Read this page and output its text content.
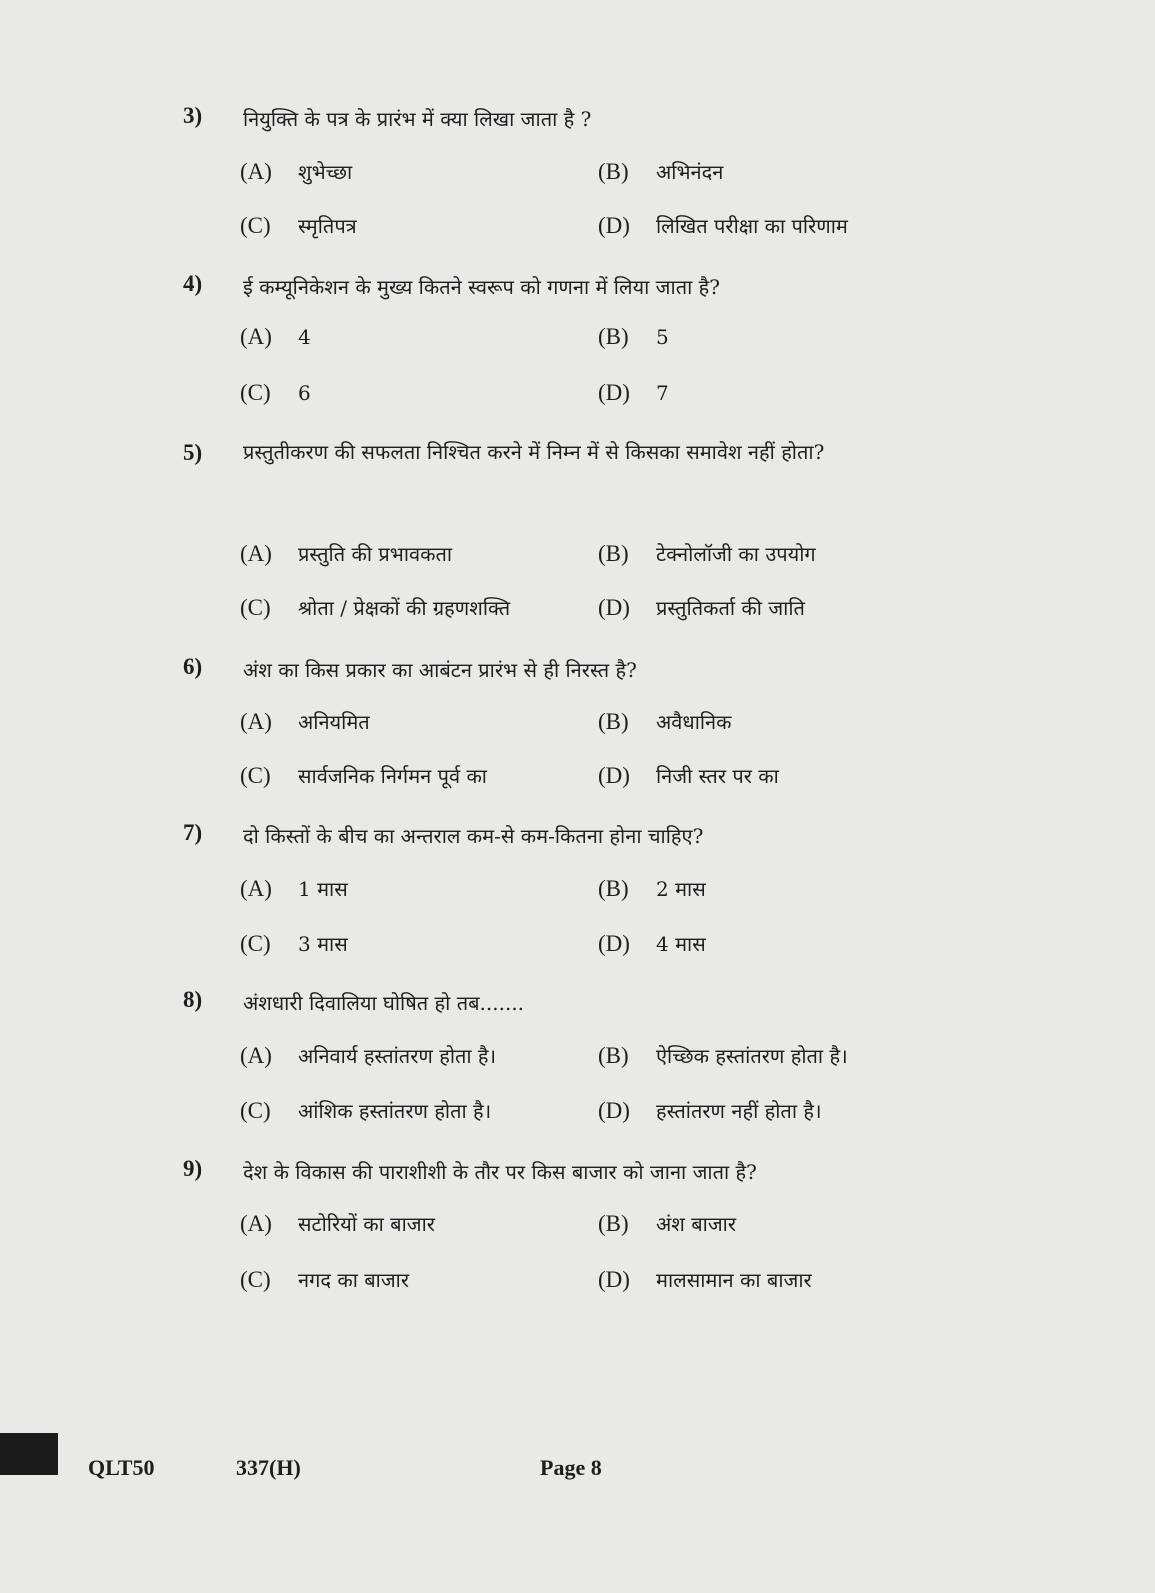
3) नियुक्ति के पत्र के प्रारंभ में क्या लिखा जाता है ?
(A) शुभेच्छा	(B) अभिनंदन
(C) स्मृतिपत्र	(D) लिखित परीक्षा का परिणाम
4) ई कम्यूनिकेशन के मुख्य कितने स्वरूप को गणना में लिया जाता है?
(A) 4	(B) 5
(C) 6	(D) 7
5) प्रस्तुतीकरण की सफलता निश्चित करने में निम्न में से किसका समावेश नहीं होता?
(A) प्रस्तुति की प्रभावकता	(B) टेक्नोलॉजी का उपयोग
(C) श्रोता / प्रेक्षकों की ग्रहणशक्ति	(D) प्रस्तुतिकर्ता की जाति
6) अंश का किस प्रकार का आबंटन प्रारंभ से ही निरस्त है?
(A) अनियमित	(B) अवैधानिक
(C) सार्वजनिक निर्गमन पूर्व का	(D) निजी स्तर पर का
7) दो किस्तों के बीच का अन्तराल कम-से कम-कितना होना चाहिए?
(A) 1 मास	(B) 2 मास
(C) 3 मास	(D) 4 मास
8) अंशधारी दिवालिया घोषित हो तब.......
(A) अनिवार्य हस्तांतरण होता है।	(B) ऐच्छिक हस्तांतरण होता है।
(C) आंशिक हस्तांतरण होता है।	(D) हस्तांतरण नहीं होता है।
9) देश के विकास की पाराशीशी के तौर पर किस बाजार को जाना जाता है?
(A) सटोरियों का बाजार	(B) अंश बाजार
(C) नगद का बाजार	(D) मालसामान का बाजार
QLT50	337(H)	Page 8
